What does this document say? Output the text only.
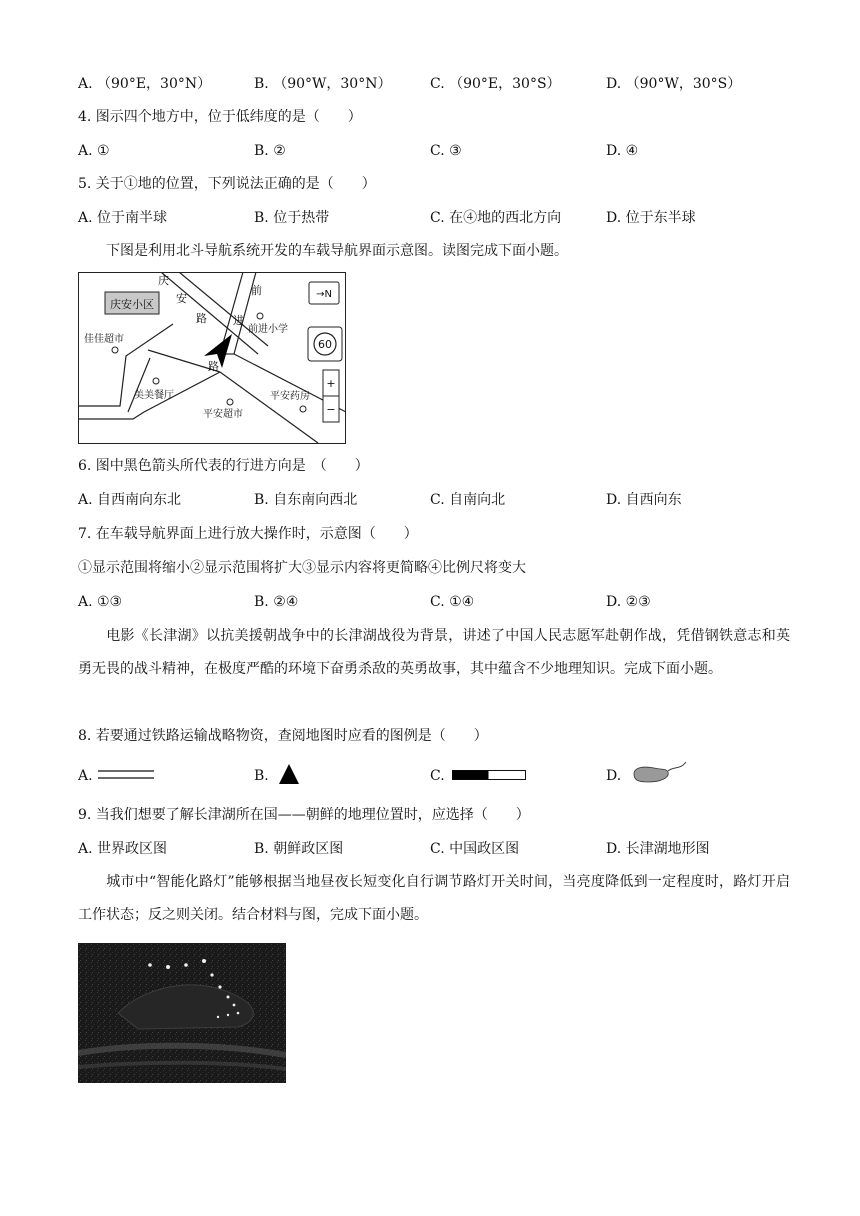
A. （90°E，30°N）	B. （90°W，30°N）	C. （90°E，30°S）	D. （90°W，30°S）
4. 图示四个地方中，位于低纬度的是（　　）
A. ①	B. ②	C. ③	D. ④
5. 关于①地的位置，下列说法正确的是（　　）
A. 位于南半球	B. 位于热带	C. 在④地的西北方向	D. 位于东半球
下图是利用北斗导航系统开发的车载导航界面示意图。读图完成下面小题。
庆安小区
庆
安
路
前
进
路
→N
60
+
−
佳佳超市
前进小学
美美餐厅	平安药房
平安超市
6. 图中黑色箭头所代表的行进方向是　（　　）
A. 自西南向东北	B. 自东南向西北	C. 自南向北	D. 自西向东
7. 在车载导航界面上进行放大操作时，示意图（　　）
①显示范围将缩小②显示范围将扩大③显示内容将更简略④比例尺将变大
A. ①③	B. ②④	C. ①④	D. ②③
电影《长津湖》以抗美援朝战争中的长津湖战役为背景，讲述了中国人民志愿军赴朝作战，凭借钢铁意志和英勇无畏的战斗精神，在极度严酷的环境下奋勇杀敌的英勇故事，其中蕴含不少地理知识。完成下面小题。
8. 若要通过铁路运输战略物资，查阅地图时应看的图例是（　　）
A.	B.	C.	D.
9. 当我们想要了解长津湖所在国——朝鲜的地理位置时，应选择（　　）
A. 世界政区图	B. 朝鲜政区图	C. 中国政区图	D. 长津湖地形图
城市中“智能化路灯”能够根据当地昼夜长短变化自行调节路灯开关时间，当亮度降低到一定程度时，路灯开启工作状态；反之则关闭。结合材料与图，完成下面小题。
